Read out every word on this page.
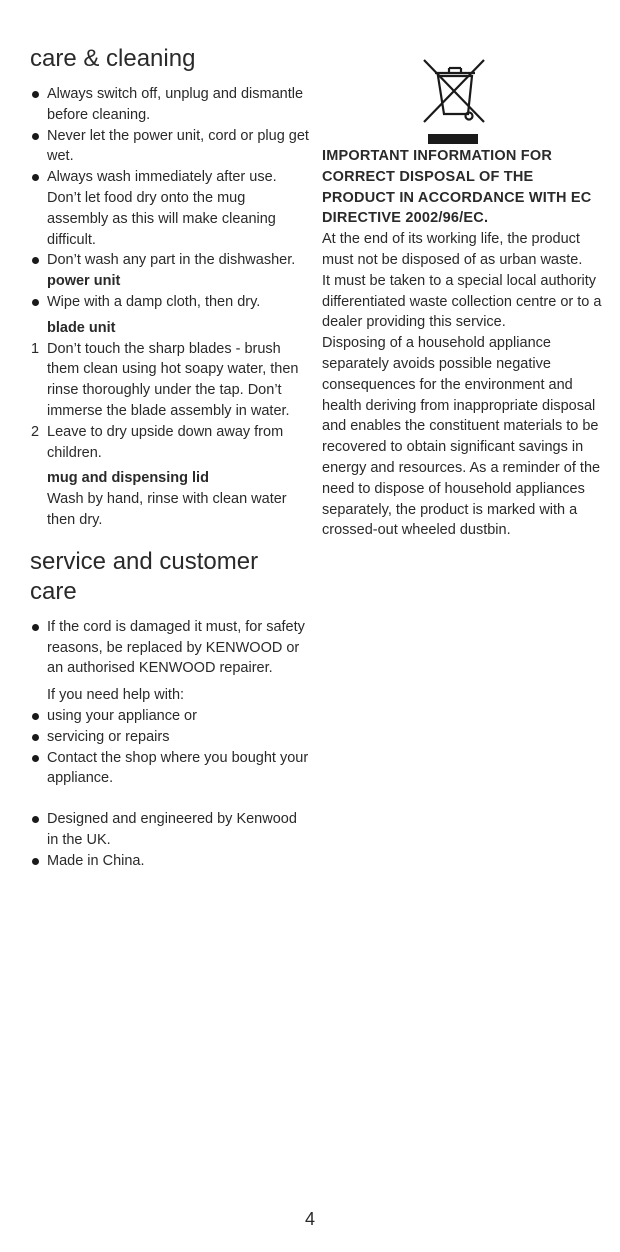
care & cleaning
Always switch off, unplug and dismantle before cleaning.
Never let the power unit, cord or plug get wet.
Always wash immediately after use. Don’t let food dry onto the mug assembly as this will make cleaning difficult.
Don’t wash any part in the dishwasher.
power unit
Wipe with a damp cloth, then dry.
blade unit
1 Don’t touch the sharp blades - brush them clean using hot soapy water, then rinse thoroughly under the tap. Don’t immerse the blade assembly in water.
2 Leave to dry upside down away from children.
mug and dispensing lid
Wash by hand, rinse with clean water then dry.
service and customer care
If the cord is damaged it must, for safety reasons, be replaced by KENWOOD or an authorised KENWOOD repairer.
If you need help with:
using your appliance or
servicing or repairs
Contact the shop where you bought your appliance.
Designed and engineered by Kenwood in the UK.
Made in China.
IMPORTANT INFORMATION FOR CORRECT DISPOSAL OF THE PRODUCT IN ACCORDANCE WITH EC DIRECTIVE 2002/96/EC.
At the end of its working life, the product must not be disposed of as urban waste.
It must be taken to a special local authority differentiated waste collection centre or to a dealer providing this service.
Disposing of a household appliance separately avoids possible negative consequences for the environment and health deriving from inappropriate disposal and enables the constituent materials to be recovered to obtain significant savings in energy and resources. As a reminder of the need to dispose of household appliances separately, the product is marked with a crossed-out wheeled dustbin.
4
